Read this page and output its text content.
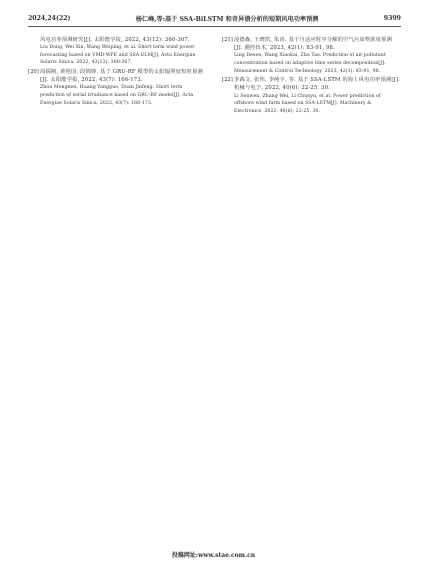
2024,24(22)	杨仁峰,等:基于 SSA-BiLSTM 和奇异谱分析的短期风电功率预测	9399
风电功率预测研究[J]. 太阳能学报, 2022, 43(12): 360-367.
Liu Dong, Wei Xin, Wang Weiping, et al. Short term wind power forecasting based on VMD-WPE and SSA-ELM[J]. Acta Energiae Solaris Sinica, 2022, 43(12): 360-367.
[20] 周孺刚, 黄艳国, 段锦锋. 基于 GRU-RF 模型的太阳辐照度短时预测[J]. 太阳能学报, 2022, 43(7): 166-173.
Zhou Mengmei, Huang Yangguo, Duan Jinfeng. Short term prediction of sorial irradiance based on GRU-RF model[J]. Acta Energiae Solaris Sinica, 2022, 43(7): 166-173.
[21] 凌德森, 王晓凯, 朱涛. 基于自适应时序分解的空气污染物浓度预测[J]. 测控技术, 2023, 42(1): 83-91, 98.
Ling Desen, Wang Xiaokai, Zhu Tao. Prediction of air pollutant concentration based on adaptive time series decomposition[J]. Measurement & Control Technology, 2023, 42(1): 83-91, 98.
[22] 李森文, 张伟, 李纯宇, 等. 基于 SSA-LSTM 的海上风电功率预测[J]. 机械与电子, 2022, 40(6): 22-25, 30.
Li Senwen, Zhang Wei, Li Chunyu, et al. Power prediction of offshore wind farm based on SSA-LSTM[J]. Machinery & Electronics, 2022, 40(6): 22-25, 30.
投稿网址:www.stae.com.cn
